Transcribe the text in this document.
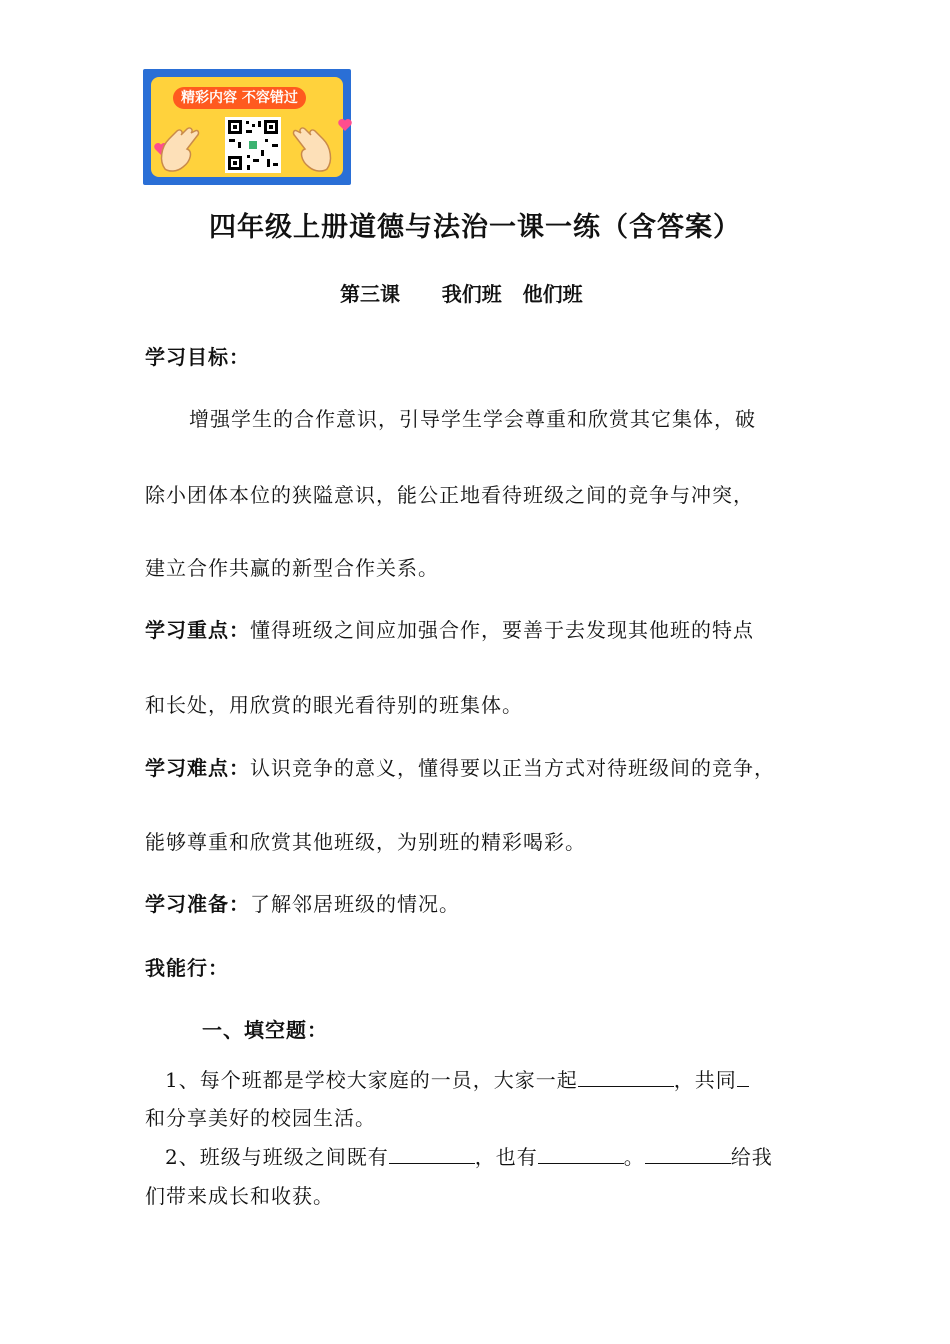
精彩内容 不容错过
四年级上册道德与法治一课一练（含答案）
第三课      我们班   他们班
学习目标：
增强学生的合作意识，引导学生学会尊重和欣赏其它集体，破
除小团体本位的狭隘意识，能公正地看待班级之间的竞争与冲突，
建立合作共赢的新型合作关系。
学习重点：懂得班级之间应加强合作，要善于去发现其他班的特点
和长处，用欣赏的眼光看待别的班集体。
学习难点：认识竞争的意义，懂得要以正当方式对待班级间的竞争，
能够尊重和欣赏其他班级，为别班的精彩喝彩。
学习准备：了解邻居班级的情况。
我能行：
一、填空题：
1、每个班都是学校大家庭的一员，大家一起	，共同
和分享美好的校园生活。
2、班级与班级之间既有	，也有	。	给我
们带来成长和收获。
